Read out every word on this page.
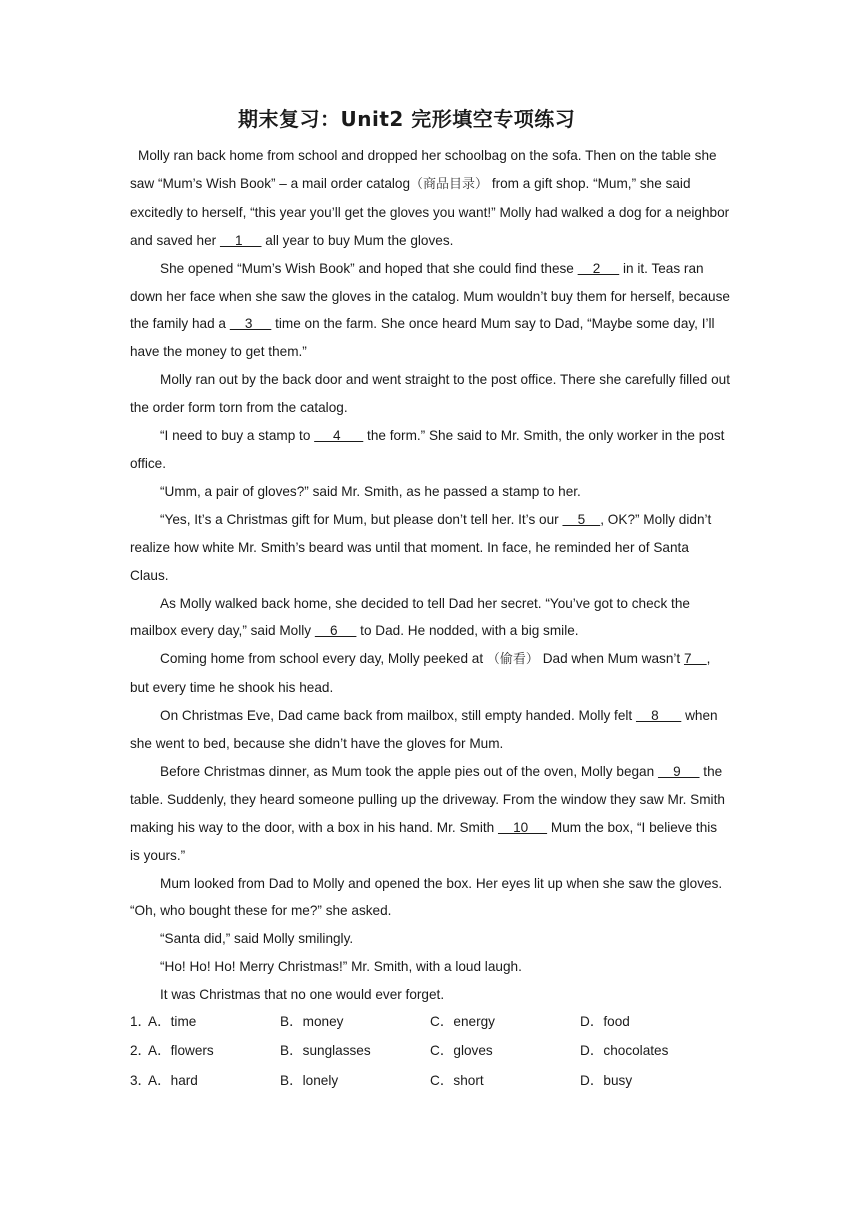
期末复习：Unit2 完形填空专项练习

Molly ran back home from school and dropped her schoolbag on the sofa. Then on the table she saw “Mum’s Wish Book” – a mail order catalog（商品目录） from a gift shop. “Mum,” she said excitedly to herself, “this year you’ll get the gloves you want!” Molly had walked a dog for a neighbor and saved her     1      all year to buy Mum the gloves.

She opened “Mum’s Wish Book” and hoped that she could find these     2      in it. Teas ran down her face when she saw the gloves in the catalog. Mum wouldn’t buy them for herself, because the family had a     3      time on the farm. She once heard Mum say to Dad, “Maybe some day, I’ll have the money to get them.”

Molly ran out by the back door and went straight to the post office. There she carefully filled out the order form torn from the catalog.

“I need to buy a stamp to      4       the form.” She said to Mr. Smith, the only worker in the post office.

“Umm, a pair of gloves?” said Mr. Smith, as he passed a stamp to her.

“Yes, It’s a Christmas gift for Mum, but please don’t tell her. It’s our     5    , OK?” Molly didn’t realize how white Mr. Smith’s beard was until that moment. In face, he reminded her of Santa Claus.

As Molly walked back home, she decided to tell Dad her secret. “You’ve got to check the mailbox every day,” said Molly     6      to Dad. He nodded, with a big smile.

Coming home from school every day, Molly peeked at （偷看） Dad when Mum wasn’t 7    , but every time he shook his head.

On Christmas Eve, Dad came back from mailbox, still empty handed. Molly felt     8       when she went to bed, because she didn’t have the gloves for Mum.

Before Christmas dinner, as Mum took the apple pies out of the oven, Molly began     9      the table. Suddenly, they heard someone pulling up the driveway. From the window they saw Mr. Smith making his way to the door, with a box in his hand. Mr. Smith     10      Mum the box, “I believe this is yours.”

Mum looked from Dad to Molly and opened the box. Her eyes lit up when she saw the gloves. “Oh, who bought these for me?” she asked.

“Santa did,” said Molly smilingly.

“Ho! Ho! Ho! Merry Christmas!” Mr. Smith, with a loud laugh.

It was Christmas that no one would ever forget.

1．
A．time	B．money	C．energy	D．food
2．
A．flowers	B．sunglasses	C．gloves	D．chocolates
3．
A．hard	B．lonely	C．short	D．busy
